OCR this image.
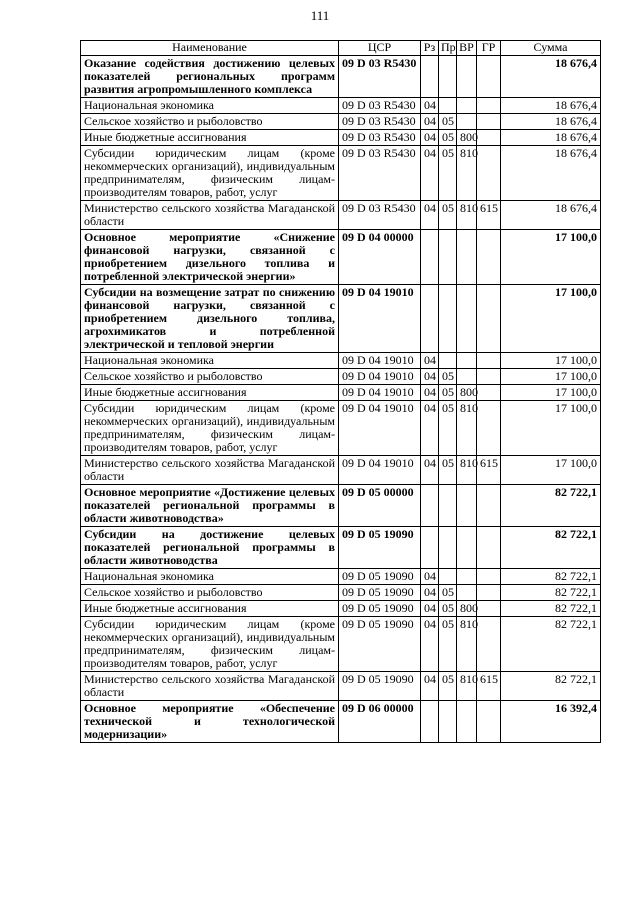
111
Наименование	ЦСР	Рз	Пр	ВР	ГР	Сумма
Оказание содействия достижению целевых показателей региональных программ развития агропромышленного комплекса	09 D 03 R5430					18 676,4
Национальная экономика	09 D 03 R5430	04				18 676,4
Сельское хозяйство и рыболовство	09 D 03 R5430	04	05			18 676,4
Иные бюджетные ассигнования	09 D 03 R5430	04	05	800		18 676,4
Субсидии юридическим лицам (кроме некоммерческих организаций), индивидуальным предпринимателям, физическим лицам-производителям товаров, работ, услуг	09 D 03 R5430	04	05	810		18 676,4
Министерство сельского хозяйства Магаданской области	09 D 03 R5430	04	05	810	615	18 676,4
Основное мероприятие «Снижение финансовой нагрузки, связанной с приобретением дизельного топлива и потребленной электрической энергии»	09 D 04 00000					17 100,0
Субсидии на возмещение затрат по снижению финансовой нагрузки, связанной с приобретением дизельного топлива, агрохимикатов и потребленной электрической и тепловой энергии	09 D 04 19010					17 100,0
Национальная экономика	09 D 04 19010	04				17 100,0
Сельское хозяйство и рыболовство	09 D 04 19010	04	05			17 100,0
Иные бюджетные ассигнования	09 D 04 19010	04	05	800		17 100,0
Субсидии юридическим лицам (кроме некоммерческих организаций), индивидуальным предпринимателям, физическим лицам-производителям товаров, работ, услуг	09 D 04 19010	04	05	810		17 100,0
Министерство сельского хозяйства Магаданской области	09 D 04 19010	04	05	810	615	17 100,0
Основное мероприятие «Достижение целевых показателей региональной программы в области животноводства»	09 D 05 00000					82 722,1
Субсидии на достижение целевых показателей региональной программы в области животноводства	09 D 05 19090					82 722,1
Национальная экономика	09 D 05 19090	04				82 722,1
Сельское хозяйство и рыболовство	09 D 05 19090	04	05			82 722,1
Иные бюджетные ассигнования	09 D 05 19090	04	05	800		82 722,1
Субсидии юридическим лицам (кроме некоммерческих организаций), индивидуальным предпринимателям, физическим лицам-производителям товаров, работ, услуг	09 D 05 19090	04	05	810		82 722,1
Министерство сельского хозяйства Магаданской области	09 D 05 19090	04	05	810	615	82 722,1
Основное мероприятие «Обеспечение технической и технологической модернизации»	09 D 06 00000					16 392,4
